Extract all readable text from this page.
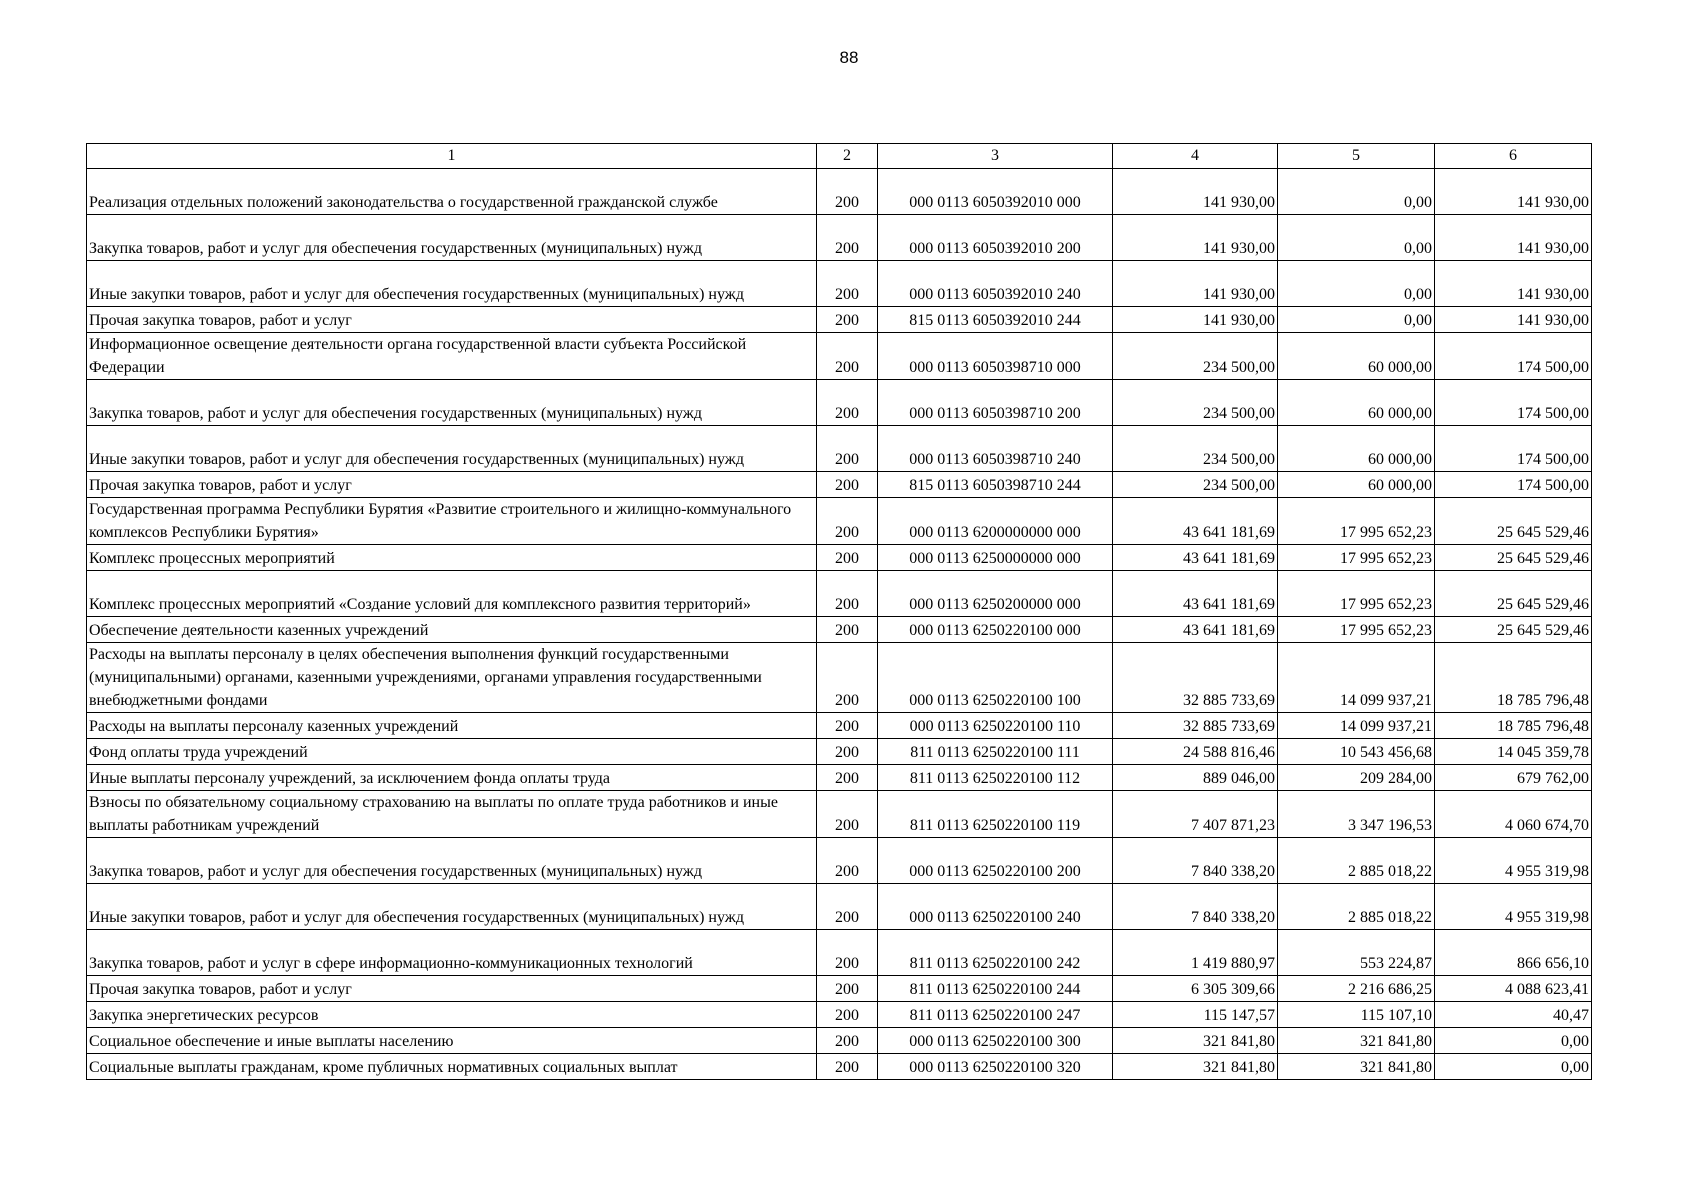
88
1	2	3	4	5	6
Реализация отдельных положений законодательства о государственной гражданской службе	200	000 0113 6050392010 000	141 930,00	0,00	141 930,00
Закупка товаров, работ и услуг для обеспечения государственных (муниципальных) нужд	200	000 0113 6050392010 200	141 930,00	0,00	141 930,00
Иные закупки товаров, работ и услуг для обеспечения государственных (муниципальных) нужд	200	000 0113 6050392010 240	141 930,00	0,00	141 930,00
Прочая закупка товаров, работ и услуг	200	815 0113 6050392010 244	141 930,00	0,00	141 930,00
Информационное освещение деятельности органа государственной власти субъекта Российской Федерации	200	000 0113 6050398710 000	234 500,00	60 000,00	174 500,00
Закупка товаров, работ и услуг для обеспечения государственных (муниципальных) нужд	200	000 0113 6050398710 200	234 500,00	60 000,00	174 500,00
Иные закупки товаров, работ и услуг для обеспечения государственных (муниципальных) нужд	200	000 0113 6050398710 240	234 500,00	60 000,00	174 500,00
Прочая закупка товаров, работ и услуг	200	815 0113 6050398710 244	234 500,00	60 000,00	174 500,00
Государственная программа Республики Бурятия «Развитие строительного и жилищно-коммунального комплексов Республики Бурятия»	200	000 0113 6200000000 000	43 641 181,69	17 995 652,23	25 645 529,46
Комплекс процессных мероприятий	200	000 0113 6250000000 000	43 641 181,69	17 995 652,23	25 645 529,46
Комплекс процессных мероприятий «Создание условий для комплексного развития территорий»	200	000 0113 6250200000 000	43 641 181,69	17 995 652,23	25 645 529,46
Обеспечение деятельности казенных учреждений	200	000 0113 6250220100 000	43 641 181,69	17 995 652,23	25 645 529,46
Расходы на выплаты персоналу в целях обеспечения выполнения функций государственными (муниципальными) органами, казенными учреждениями, органами управления государственными внебюджетными фондами	200	000 0113 6250220100 100	32 885 733,69	14 099 937,21	18 785 796,48
Расходы на выплаты персоналу казенных учреждений	200	000 0113 6250220100 110	32 885 733,69	14 099 937,21	18 785 796,48
Фонд оплаты труда учреждений	200	811 0113 6250220100 111	24 588 816,46	10 543 456,68	14 045 359,78
Иные выплаты персоналу учреждений, за исключением фонда оплаты труда	200	811 0113 6250220100 112	889 046,00	209 284,00	679 762,00
Взносы по обязательному социальному страхованию на выплаты по оплате труда работников и иные выплаты работникам учреждений	200	811 0113 6250220100 119	7 407 871,23	3 347 196,53	4 060 674,70
Закупка товаров, работ и услуг для обеспечения государственных (муниципальных) нужд	200	000 0113 6250220100 200	7 840 338,20	2 885 018,22	4 955 319,98
Иные закупки товаров, работ и услуг для обеспечения государственных (муниципальных) нужд	200	000 0113 6250220100 240	7 840 338,20	2 885 018,22	4 955 319,98
Закупка товаров, работ и услуг в сфере информационно-коммуникационных технологий	200	811 0113 6250220100 242	1 419 880,97	553 224,87	866 656,10
Прочая закупка товаров, работ и услуг	200	811 0113 6250220100 244	6 305 309,66	2 216 686,25	4 088 623,41
Закупка энергетических ресурсов	200	811 0113 6250220100 247	115 147,57	115 107,10	40,47
Социальное обеспечение и иные выплаты населению	200	000 0113 6250220100 300	321 841,80	321 841,80	0,00
Социальные выплаты гражданам, кроме публичных нормативных социальных выплат	200	000 0113 6250220100 320	321 841,80	321 841,80	0,00
